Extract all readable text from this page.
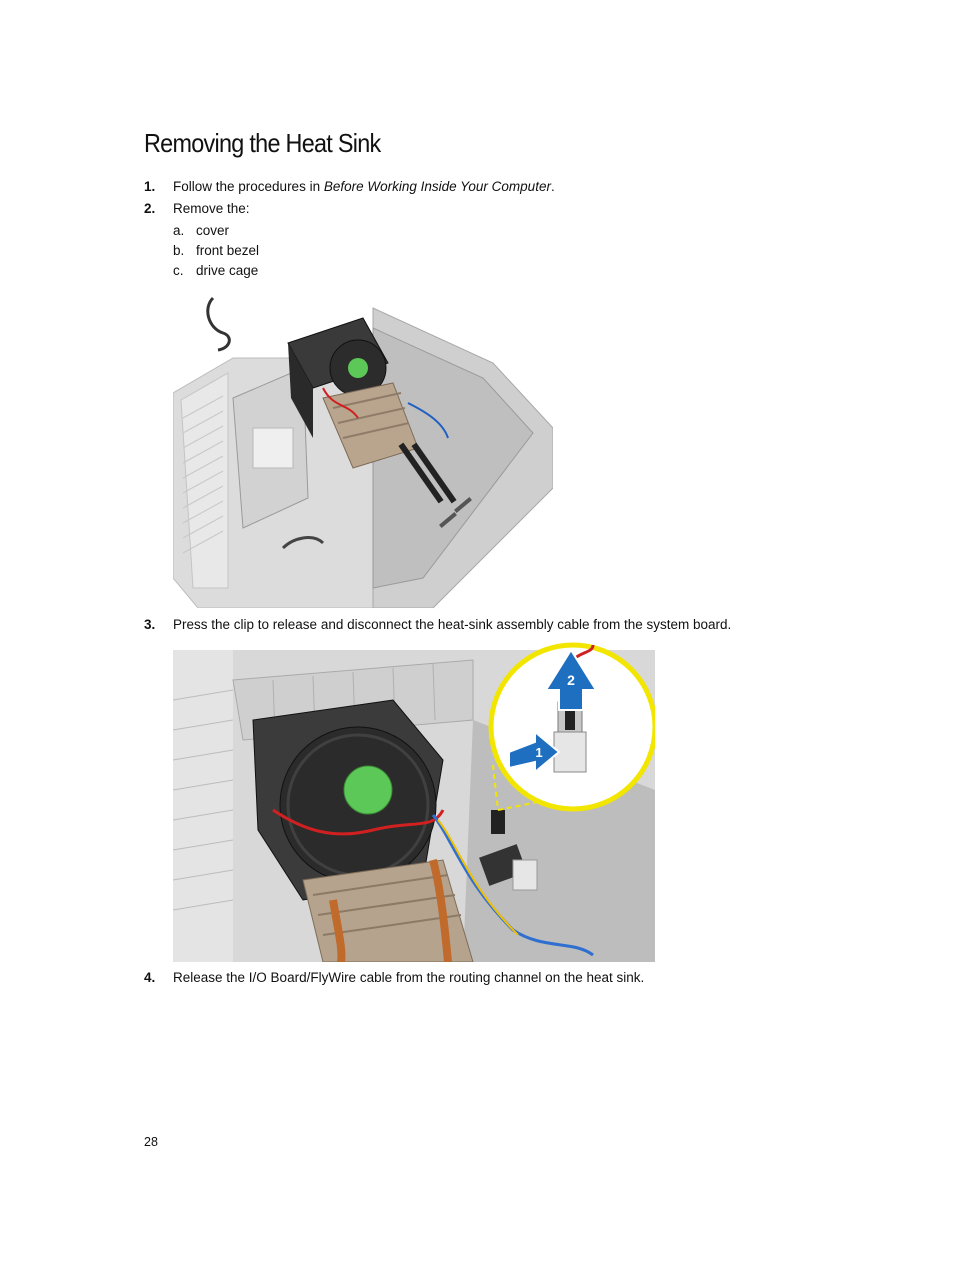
Removing the Heat Sink
1. Follow the procedures in Before Working Inside Your Computer.
2. Remove the:
a. cover
b. front bezel
c. drive cage
3. Press the clip to release and disconnect the heat-sink assembly cable from the system board.
2
1
4. Release the I/O Board/FlyWire cable from the routing channel on the heat sink.
28
